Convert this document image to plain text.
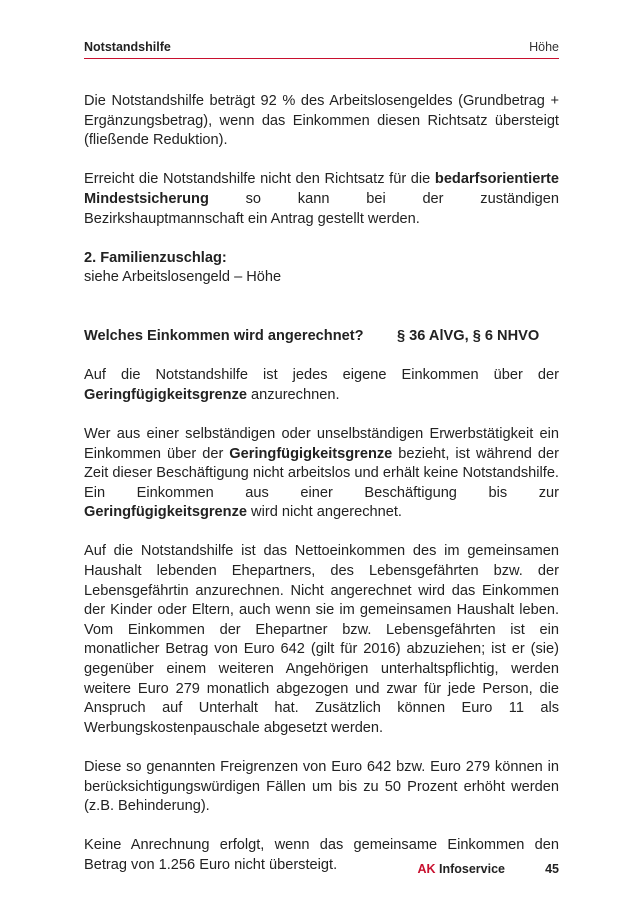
Notstandshilfe	Höhe

Die Notstandshilfe beträgt 92 % des Arbeitslosengeldes (Grundbetrag + Ergänzungsbetrag), wenn das Einkommen diesen Richtsatz übersteigt (fließende Reduktion).

Erreicht die Notstandshilfe nicht den Richtsatz für die bedarfsorientierte Mindestsicherung so kann bei der zuständigen Bezirkshauptmannschaft ein Antrag gestellt werden.

2. Familienzuschlag:

siehe Arbeitslosengeld – Höhe

Welches Einkommen wird angerechnet? § 36 AlVG, § 6 NHVO

Auf die Notstandshilfe ist jedes eigene Einkommen über der Geringfügigkeitsgrenze anzurechnen.

Wer aus einer selbständigen oder unselbständigen Erwerbstätigkeit ein Einkommen über der Geringfügigkeitsgrenze bezieht, ist während der Zeit dieser Beschäftigung nicht arbeitslos und erhält keine Notstandshilfe. Ein Einkommen aus einer Beschäftigung bis zur Geringfügigkeitsgrenze wird nicht angerechnet.

Auf die Notstandshilfe ist das Nettoeinkommen des im gemeinsamen Haushalt lebenden Ehepartners, des Lebensgefährten bzw. der Lebensgefährtin anzurechnen. Nicht angerechnet wird das Einkommen der Kinder oder Eltern, auch wenn sie im gemeinsamen Haushalt leben. Vom Einkommen der Ehepartner bzw. Lebensgefährten ist ein monatlicher Betrag von Euro 642 (gilt für 2016) abzuziehen; ist er (sie) gegenüber einem weiteren Angehörigen unterhaltspflichtig, werden weitere Euro 279 monatlich abgezogen und zwar für jede Person, die Anspruch auf Unterhalt hat. Zusätzlich können Euro 11 als Werbungskostenpauschale abgesetzt werden.

Diese so genannten Freigrenzen von Euro 642 bzw. Euro 279 können in berücksichtigungswürdigen Fällen um bis zu 50 Prozent erhöht werden (z.B. Behinderung).

Keine Anrechnung erfolgt, wenn das gemeinsame Einkommen den Betrag von 1.256 Euro nicht übersteigt.	AK Infoservice	45
